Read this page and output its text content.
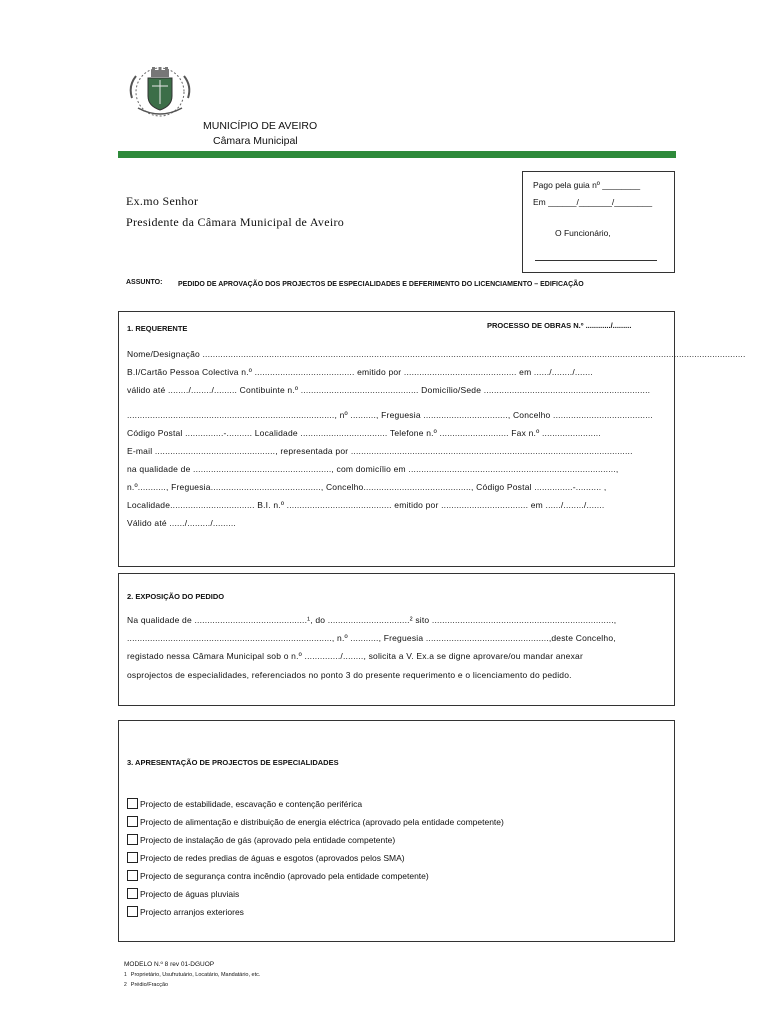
MUNICÍPIO DE AVEIRO
Câmara Municipal
Pago pela guia nº ________
Em ______/_______/________
O Funcionário,
Ex.mo Senhor
Presidente da Câmara Municipal de Aveiro
ASSUNTO: PEDIDO DE APROVAÇÃO DOS PROJECTOS DE ESPECIALIDADES E DEFERIMENTO DO LICENCIAMENTO – EDIFICAÇÃO
1. REQUERENTE	PROCESSO DE OBRAS N.º ............/.........
Nome/Designação ....................................................................................................................................................................................................................
B.I/Cartão Pessoa Colectiva n.º ....................................... emitido por ............................................ em ....../......../.......
válido até ......../......../......... Contibuinte n.º .............................................. Domicílio/Sede .................................................................
................................................................................., nº .........., Freguesia ................................., Concelho .......................................
Código Postal ...............-.......... Localidade .................................. Telefone n.º ........................... Fax n.º .......................
E-mail ..............................................., representada por ..............................................................................................................
na qualidade de ......................................................, com domicílio em .................................................................................,
n.º..........., Freguesia..........................................., Concelho.........................................., Código Postal ...............-.......... ,
Localidade................................. B.I. n.º ......................................... emitido por .................................. em ....../......../.......
Válido até ....../........./.........
2. EXPOSIÇÃO DO PEDIDO
Na qualidade de ............................................¹, do ................................² sito .......................................................................,
................................................................................, n.º ..........., Freguesia ................................................,deste Concelho,
registado nessa Câmara Municipal sob o n.º ............../........, solicita a V. Ex.a se digne aprovare/ou mandar anexar
osprojectos de especialidades, referenciados no ponto 3 do presente requerimento e o licenciamento do pedido.
3. APRESENTAÇÃO DE PROJECTOS DE ESPECIALIDADES
Projecto de estabilidade, escavação e contenção periférica
Projecto de alimentação e distribuição de energia eléctrica (aprovado pela entidade competente)
Projecto de instalação de gás (aprovado pela entidade competente)
Projecto de redes predias de águas e esgotos (aprovados pelos SMA)
Projecto de segurança contra incêndio (aprovado pela entidade competente)
Projecto de águas pluviais
Projecto arranjos exteriores
MODELO N.º 8 rev 01-DGUOP
1 Proprietário, Usufrutuário, Locatário, Mandatário, etc.
2 Prédio/Fracção
